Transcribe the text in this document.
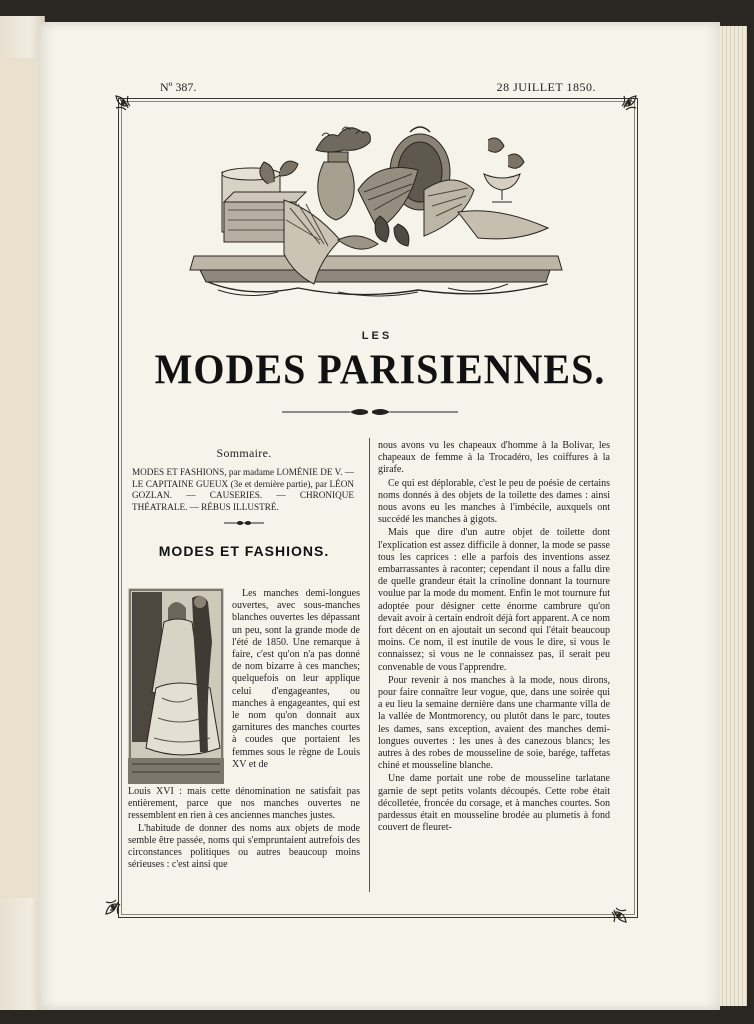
Nº 387.	28 JUILLET 1850.
LES
MODES PARISIENNES.
Sommaire.
MODES ET FASHIONS, par madame LOMÉNIE DE V. — LE CAPITAINE GUEUX (3e et dernière partie), par LÉON GOZLAN. — CAUSERIES. — CHRONIQUE THÉATRALE. — RÉBUS ILLUSTRÉ.
MODES ET FASHIONS.

Les manches demi-longues ouvertes, avec sous-manches blanches ouvertes les dépassant un peu, sont la grande mode de l'été de 1850. Une remarque à faire, c'est qu'on n'a pas donné de nom bizarre à ces manches; quelquefois on leur applique celui d'engageantes, ou manches à engageantes, qui est le nom qu'on donnait aux garnitures des manches courtes à coudes que portaient les femmes sous le règne de Louis XV et de

Louis XVI : mais cette dénomination ne satisfait pas entièrement, parce que nos manches ouvertes ne ressemblent en rien à ces anciennes manches justes.

L'habitude de donner des noms aux objets de mode semble être passée, noms qui s'empruntaient autrefois des circonstances politiques ou autres beaucoup moins sérieuses : c'est ainsi que

nous avons vu les chapeaux d'homme à la Bolivar, les chapeaux de femme à la Trocadéro, les coiffures à la girafe.

Ce qui est déplorable, c'est le peu de poésie de certains noms donnés à des objets de la toilette des dames : ainsi nous avons eu les manches à l'imbécile, auxquels ont succédé les manches à gigots.

Mais que dire d'un autre objet de toilette dont l'explication est assez difficile à donner, la mode se passe tous les caprices : elle a parfois des inventions assez embarrassantes à raconter; cependant il nous a fallu dire de quelle grandeur était la crinoline donnant la tournure voulue par la mode du moment. Enfin le mot tournure fut adoptée pour désigner cette énorme cambrure qu'on devait avoir à certain endroit déjà fort apparent. A ce nom fort décent on en ajoutait un second qui l'était beaucoup moins. Ce nom, il est inutile de vous le dire, si vous le connaissez; si vous ne le connaissez pas, il serait peu convenable de vous l'apprendre.

Pour revenir à nos manches à la mode, nous dirons, pour faire connaître leur vogue, que, dans une soirée qui a eu lieu la semaine dernière dans une charmante villa de la vallée de Montmorency, ou plutôt dans le parc, toutes les dames, sans exception, avaient des manches demi-longues ouvertes : les unes à des canezous blancs; les autres à des robes de mousseline de soie, barége, taffetas chiné et mousseline blanche.

Une dame portait une robe de mousseline tarlatane garnie de sept petits volants découpés. Cette robe était décolletée, froncée du corsage, et à manches courtes. Son pardessus était en mousseline brodée au plumetis à fond couvert de fleuret-
